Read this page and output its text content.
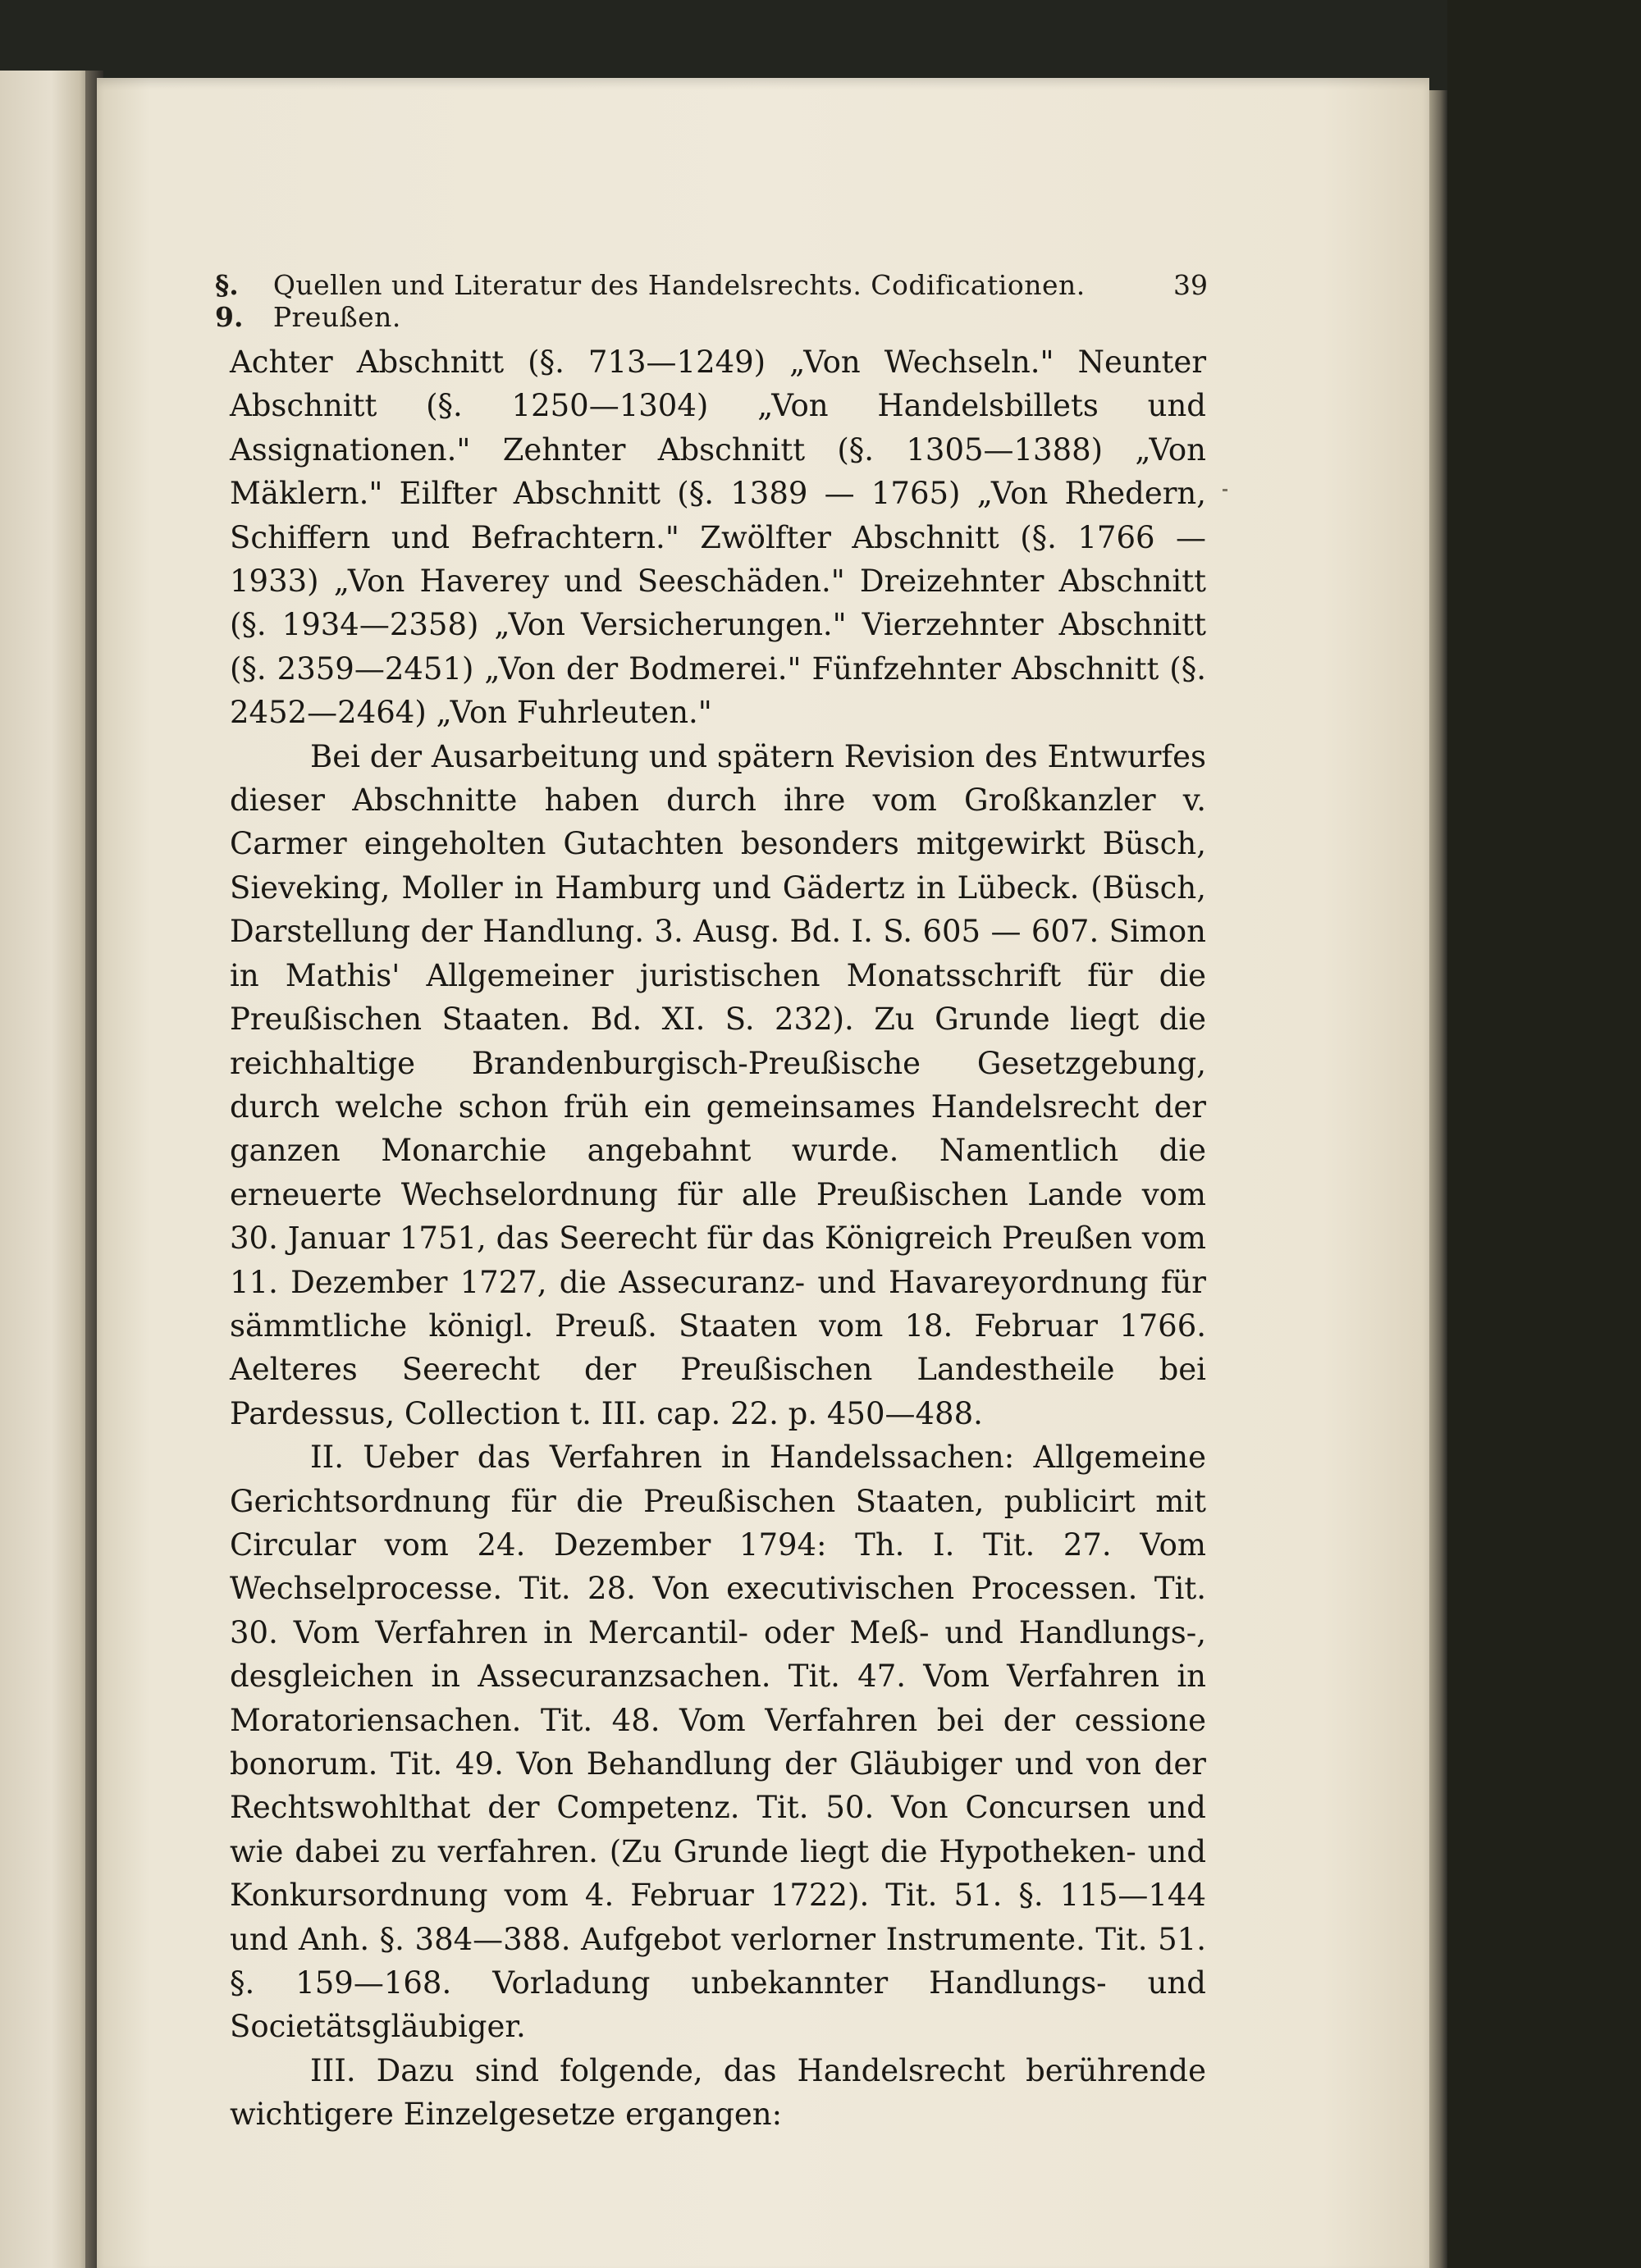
§. 9.
Quellen und Literatur des Handelsrechts. Codificationen. Preußen.
39

Achter Abschnitt (§. 713—1249) „Von Wechseln." Neunter Abschnitt (§. 1250—1304) „Von Handelsbillets und Assignationen." Zehnter Abschnitt (§. 1305—1388) „Von Mäklern." Eilfter Abschnitt (§. 1389 — 1765) „Von Rhedern, Schiffern und Befrachtern." Zwölfter Abschnitt (§. 1766 — 1933) „Von Haverey und Seeschäden." Dreizehnter Abschnitt (§. 1934—2358) „Von Versicherungen." Vierzehnter Abschnitt (§. 2359—2451) „Von der Bodmerei." Fünfzehnter Abschnitt (§. 2452—2464) „Von Fuhrleuten."

Bei der Ausarbeitung und spätern Revision des Entwurfes dieser Abschnitte haben durch ihre vom Großkanzler v. Carmer eingeholten Gutachten besonders mitgewirkt Büsch, Sieveking, Moller in Hamburg und Gädertz in Lübeck. (Büsch, Darstellung der Handlung. 3. Ausg. Bd. I. S. 605 — 607. Simon in Mathis' Allgemeiner juristischen Monatsschrift für die Preußischen Staaten. Bd. XI. S. 232). Zu Grunde liegt die reichhaltige Brandenburgisch-Preußische Gesetzgebung, durch welche schon früh ein gemeinsames Handelsrecht der ganzen Monarchie angebahnt wurde. Namentlich die erneuerte Wechselordnung für alle Preußischen Lande vom 30. Januar 1751, das Seerecht für das Königreich Preußen vom 11. Dezember 1727, die Assecuranz- und Havareyordnung für sämmtliche königl. Preuß. Staaten vom 18. Februar 1766. Aelteres Seerecht der Preußischen Landestheile bei Pardessus, Collection t. III. cap. 22. p. 450—488.

II. Ueber das Verfahren in Handelssachen: Allgemeine Gerichtsordnung für die Preußischen Staaten, publicirt mit Circular vom 24. Dezember 1794: Th. I. Tit. 27. Vom Wechselprocesse. Tit. 28. Von executivischen Processen. Tit. 30. Vom Verfahren in Mercantil- oder Meß- und Handlungs-, desgleichen in Assecuranzsachen. Tit. 47. Vom Verfahren in Moratoriensachen. Tit. 48. Vom Verfahren bei der cessione bonorum. Tit. 49. Von Behandlung der Gläubiger und von der Rechtswohlthat der Competenz. Tit. 50. Von Concursen und wie dabei zu verfahren. (Zu Grunde liegt die Hypotheken- und Konkursordnung vom 4. Februar 1722). Tit. 51. §. 115—144 und Anh. §. 384—388. Aufgebot verlorner Instrumente. Tit. 51. §. 159—168. Vorladung unbekannter Handlungs- und Societätsgläubiger.

III. Dazu sind folgende, das Handelsrecht berührende wichtigere Einzelgesetze ergangen:
